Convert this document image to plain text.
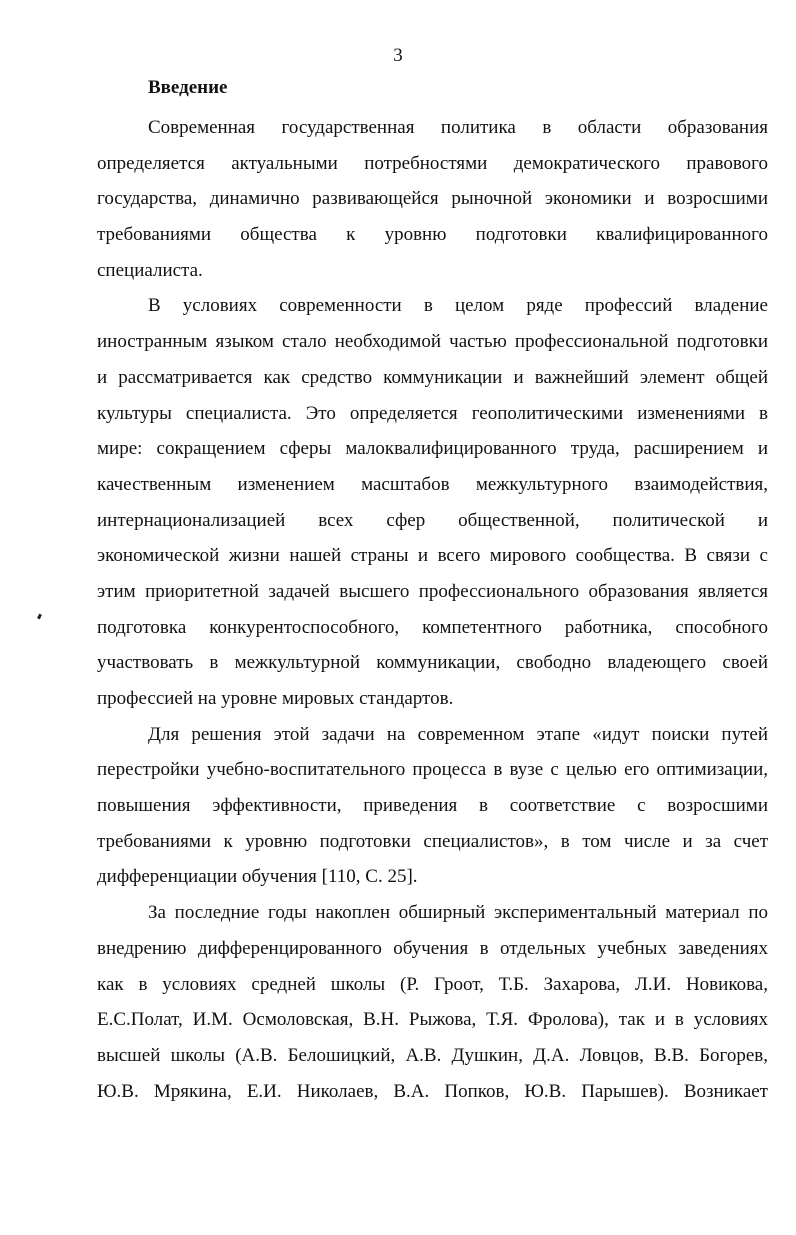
3
Введение
Современная государственная политика в области образования
определяется актуальными потребностями демократического правового
государства, динамично развивающейся рыночной экономики и возросшими
требованиями общества к уровню подготовки квалифицированного
специалиста.
В условиях современности в целом ряде профессий владение
иностранным языком стало необходимой частью профессиональной подготовки
и рассматривается как средство коммуникации и важнейший элемент общей
культуры специалиста. Это определяется геополитическими изменениями в
мире: сокращением сферы малоквалифицированного труда, расширением и
качественным изменением масштабов межкультурного взаимодействия,
интернационализацией всех сфер общественной, политической и
экономической жизни нашей страны и всего мирового сообщества. В связи с
этим приоритетной задачей высшего профессионального образования является
подготовка конкурентоспособного, компетентного работника, способного
участвовать в межкультурной коммуникации, свободно владеющего своей
профессией на уровне мировых стандартов.
Для решения этой задачи на современном этапе «идут поиски путей
перестройки учебно-воспитательного процесса в вузе с целью его оптимизации,
повышения эффективности, приведения в соответствие с возросшими
требованиями к уровню подготовки специалистов», в том числе и за счет
дифференциации обучения [110, С. 25].
За последние годы накоплен обширный экспериментальный материал по
внедрению дифференцированного обучения в отдельных учебных заведениях
как в условиях средней школы (Р. Гроот, Т.Б. Захарова, Л.И. Новикова,
Е.С.Полат, И.М. Осмоловская, В.Н. Рыжова, Т.Я. Фролова), так и в условиях
высшей школы (А.В. Белошицкий, А.В. Душкин, Д.А. Ловцов, В.В. Богорев,
Ю.В. Мрякина, Е.И. Николаев, В.А. Попков, Ю.В. Парышев). Возникает
